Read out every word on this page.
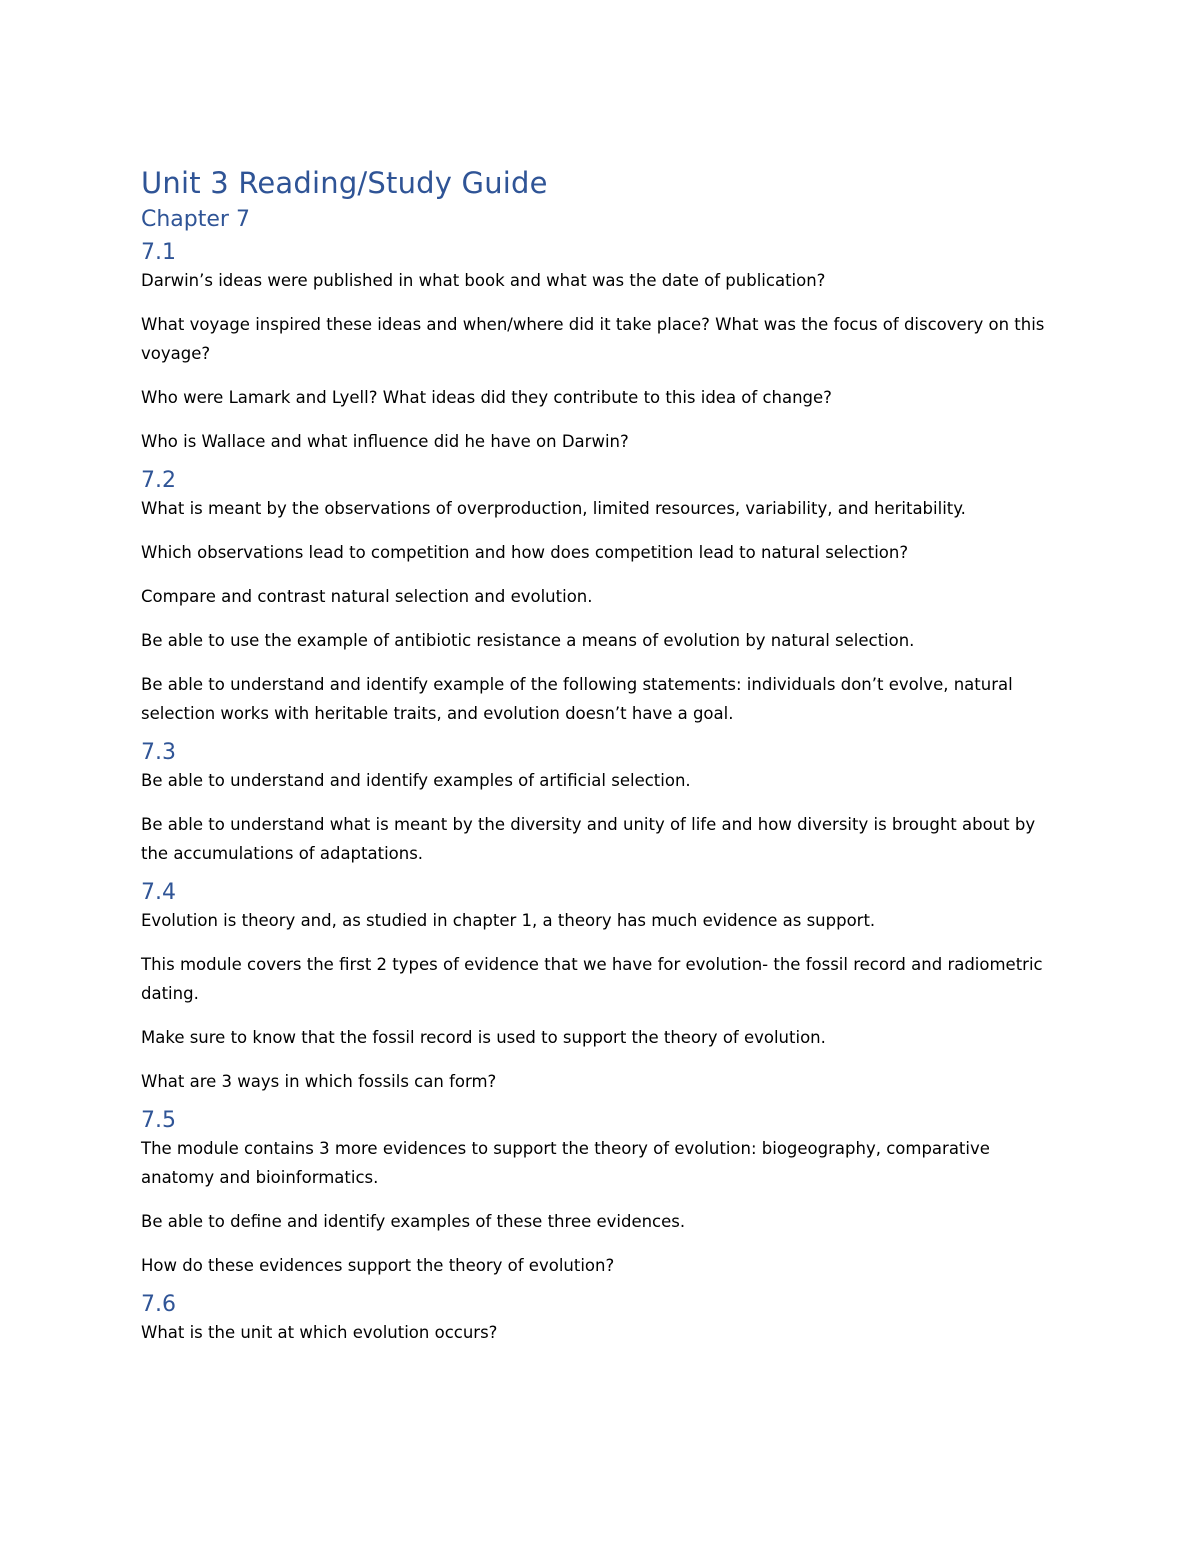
Unit 3 Reading/Study Guide
Chapter 7
7.1

Darwin’s ideas were published in what book and what was the date of publication?

What voyage inspired these ideas and when/where did it take place? What was the focus of discovery on this voyage?

Who were Lamark and Lyell? What ideas did they contribute to this idea of change?

Who is Wallace and what influence did he have on Darwin?

7.2

What is meant by the observations of overproduction, limited resources, variability, and heritability.

Which observations lead to competition and how does competition lead to natural selection?

Compare and contrast natural selection and evolution.

Be able to use the example of antibiotic resistance a means of evolution by natural selection.

Be able to understand and identify example of the following statements: individuals don’t evolve, natural selection works with heritable traits, and evolution doesn’t have a goal.

7.3

Be able to understand and identify examples of artificial selection.

Be able to understand what is meant by the diversity and unity of life and how diversity is brought about by the accumulations of adaptations.

7.4

Evolution is theory and, as studied in chapter 1, a theory has much evidence as support.

This module covers the first 2 types of evidence that we have for evolution- the fossil record and radiometric dating.

Make sure to know that the fossil record is used to support the theory of evolution.

What are 3 ways in which fossils can form?

7.5

The module contains 3 more evidences to support the theory of evolution: biogeography, comparative anatomy and bioinformatics.

Be able to define and identify examples of these three evidences.

How do these evidences support the theory of evolution?

7.6

What is the unit at which evolution occurs?
